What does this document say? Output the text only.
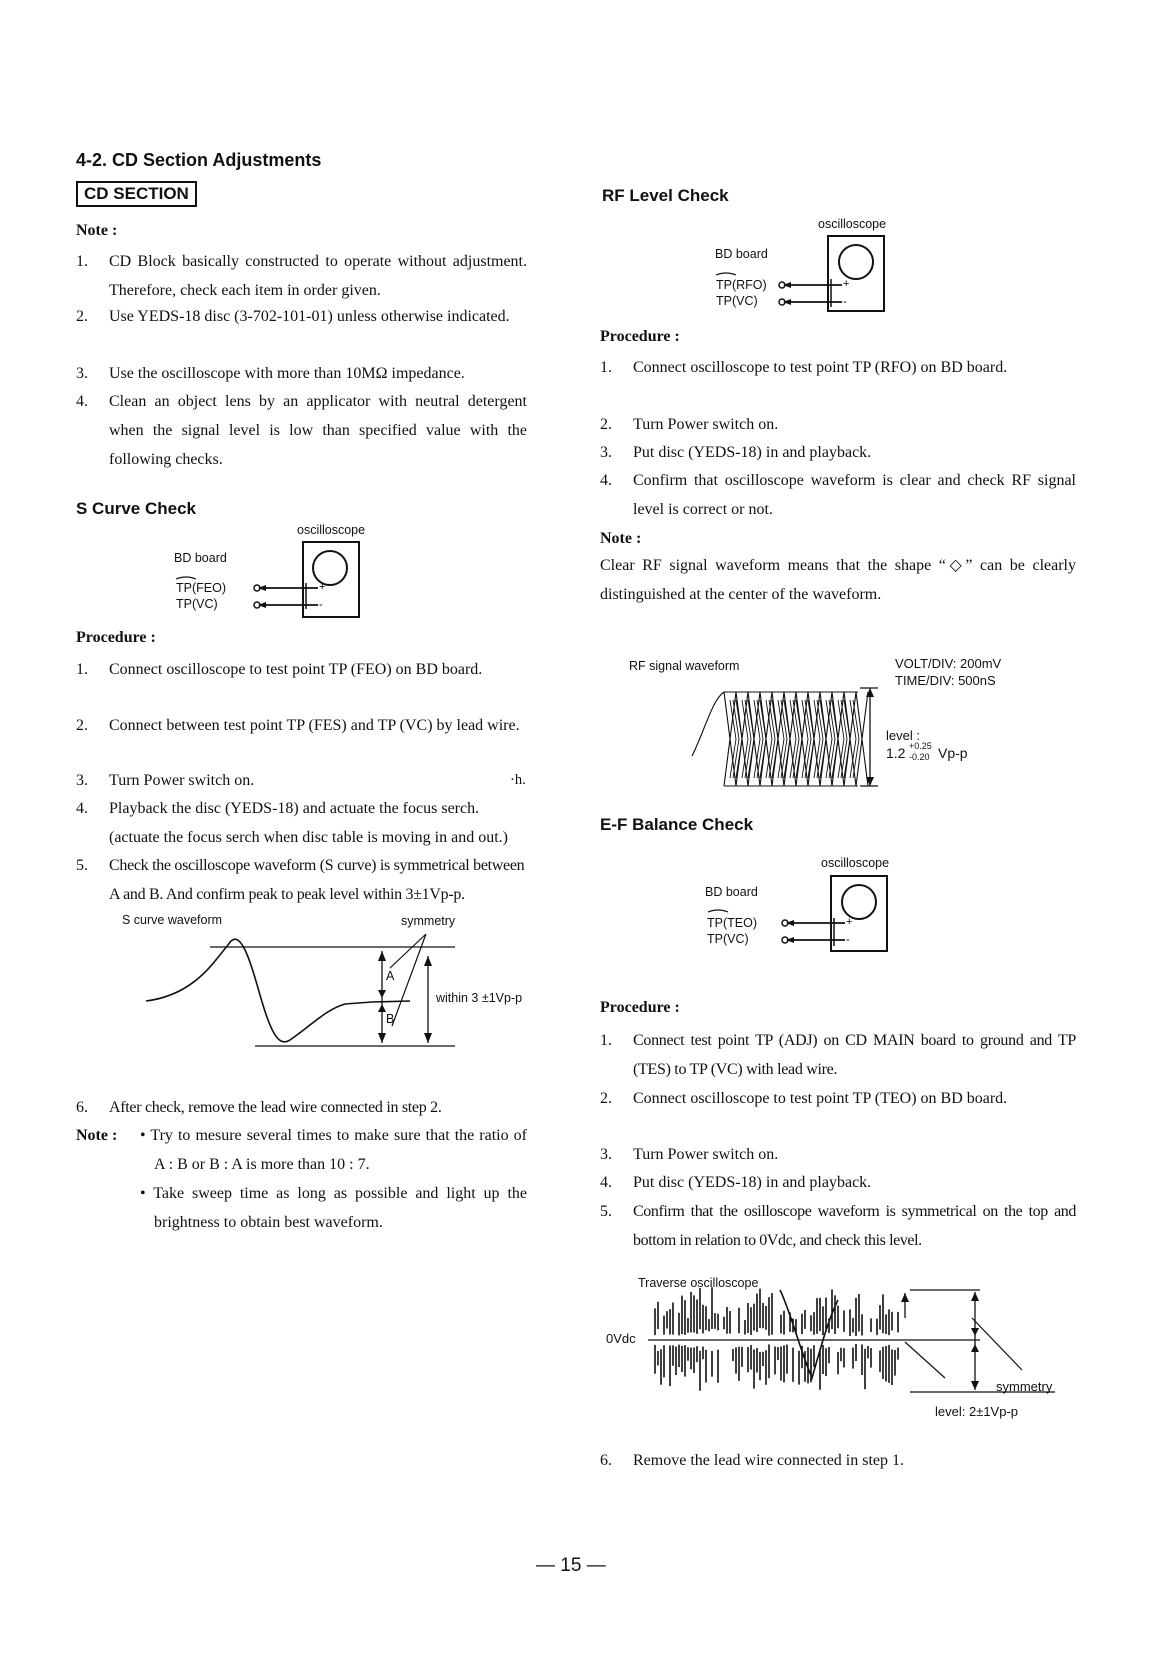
4-2. CD Section Adjustments
CD SECTION
Note :
1. CD Block basically constructed to operate without adjustment. Therefore, check each item in order given.
2. Use YEDS-18 disc (3-702-101-01) unless otherwise indicated.
3. Use the oscilloscope with more than 10MΩ impedance.
4. Clean an object lens by an applicator with neutral detergent when the signal level is low than specified value with the following checks.
S Curve Check
oscilloscope
BD board
TP(FEO)
TP(VC)
+
-
Procedure :
1. Connect oscilloscope to test point TP (FEO) on BD board.
2. Connect between test point TP (FES) and TP (VC) by lead wire.
3. Turn Power switch on.	·h.
4. Playback the disc (YEDS-18) and actuate the focus serch. (actuate the focus serch when disc table is moving in and out.)
5. Check the oscilloscope waveform (S curve) is symmetrical between A and B. And confirm peak to peak level within 3±1Vp-p.
S curve waveform	symmetry
A
B
within 3 ±1Vp-p
6. After check, remove the lead wire connected in step 2.
Note : • Try to mesure several times to make sure that the ratio of A : B or B : A is more than 10 : 7.
• Take sweep time as long as possible and light up the brightness to obtain best waveform.
RF Level Check
oscilloscope
BD board
TP(RFO)
TP(VC)
+
-
Procedure :
1. Connect oscilloscope to test point TP (RFO) on BD board.
2. Turn Power switch on.
3. Put disc (YEDS-18) in and playback.
4. Confirm that oscilloscope waveform is clear and check RF signal level is correct or not.
Note :
Clear RF signal waveform means that the shape “◇” can be clearly distinguished at the center of the waveform.
RF signal waveform	VOLT/DIV: 200mV
TIME/DIV: 500nS
level :
1.2 +0.25
-0.20 Vp-p
E-F Balance Check
oscilloscope
BD board
TP(TEO)
TP(VC)
+
-
Procedure :
1. Connect test point TP (ADJ) on CD MAIN board to ground and TP (TES) to TP (VC) with lead wire.
2. Connect oscilloscope to test point TP (TEO) on BD board.
3. Turn Power switch on.
4. Put disc (YEDS-18) in and playback.
5. Confirm that the osilloscope waveform is symmetrical on the top and bottom in relation to 0Vdc, and check this level.
Traverse oscilloscope
0Vdc
symmetry
level: 2±1Vp-p
6. Remove the lead wire connected in step 1.
— 15 —
